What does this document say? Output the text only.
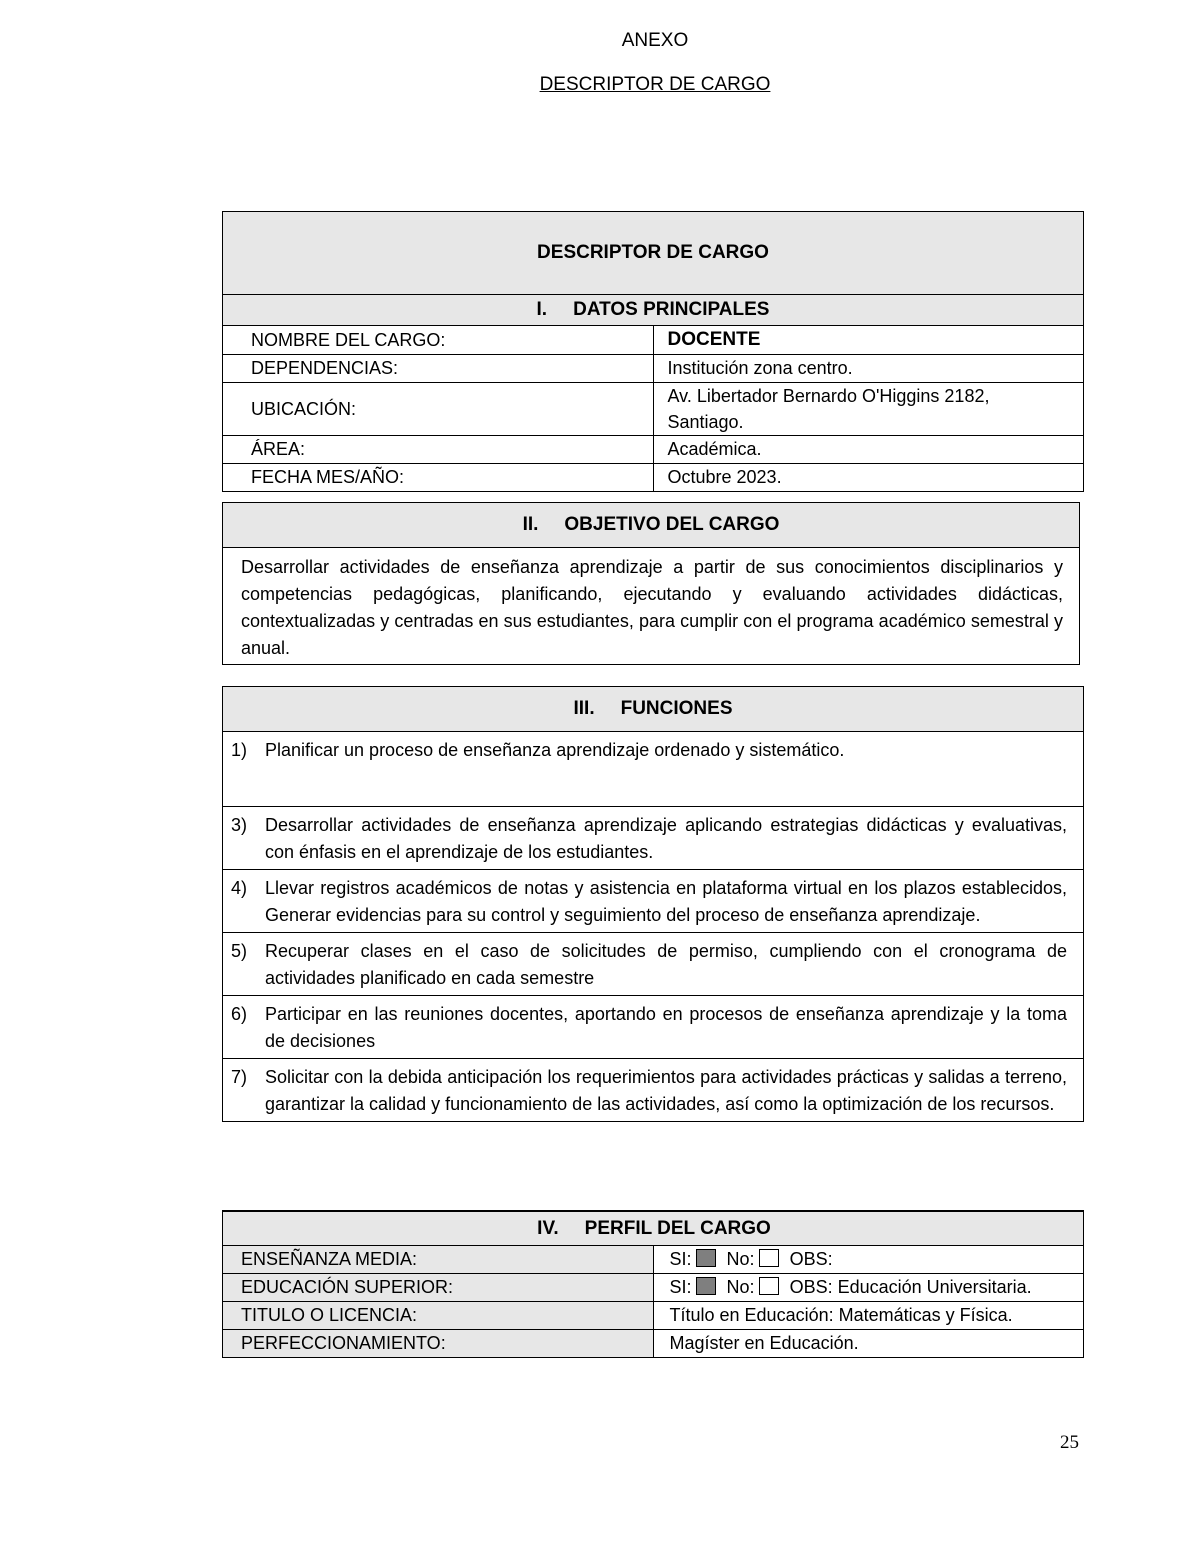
ANEXO
DESCRIPTOR DE CARGO
DESCRIPTOR DE CARGO	
I. DATOS PRINCIPALES	
NOMBRE DEL CARGO:	DOCENTE
DEPENDENCIAS:	Institución zona centro.
UBICACIÓN:	Av. Libertador Bernardo O'Higgins 2182, Santiago.
ÁREA:	Académica.
FECHA MES/AÑO:	Octubre 2023.
II. OBJETIVO DEL CARGO
Desarrollar actividades de enseñanza aprendizaje a partir de sus conocimientos disciplinarios y competencias pedagógicas, planificando, ejecutando y evaluando actividades didácticas, contextualizadas y centradas en sus estudiantes, para cumplir con el programa académico semestral y anual.
III. FUNCIONES

1) Planificar un proceso de enseñanza aprendizaje ordenado y sistemático.

3) Desarrollar actividades de enseñanza aprendizaje aplicando estrategias didácticas y evaluativas, con énfasis en el aprendizaje de los estudiantes.

4) Llevar registros académicos de notas y asistencia en plataforma virtual en los plazos establecidos, Generar evidencias para su control y seguimiento del proceso de enseñanza aprendizaje.

5) Recuperar clases en el caso de solicitudes de permiso, cumpliendo con el cronograma de actividades planificado en cada semestre

6) Participar en las reuniones docentes, aportando en procesos de enseñanza aprendizaje y la toma de decisiones

7) Solicitar con la debida anticipación los requerimientos para actividades prácticas y salidas a terreno, garantizar la calidad y funcionamiento de las actividades, así como la optimización de los recursos.
IV. PERFIL DEL CARGO	
ENSEÑANZA MEDIA:	SI: No: OBS:
EDUCACIÓN SUPERIOR:	SI: No: OBS: Educación Universitaria.
TITULO O LICENCIA:	Título en Educación: Matemáticas y Física.
PERFECCIONAMIENTO:	Magíster en Educación.
25
